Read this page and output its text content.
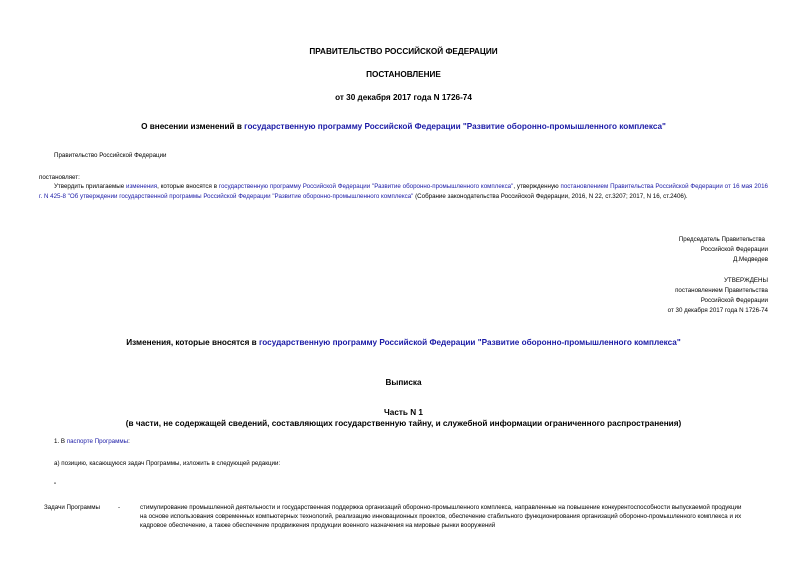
ПРАВИТЕЛЬСТВО РОССИЙСКОЙ ФЕДЕРАЦИИ
ПОСТАНОВЛЕНИЕ
от 30 декабря 2017 года N 1726-74
О внесении изменений в государственную программу Российской Федерации "Развитие оборонно-промышленного комплекса"
Правительство Российской Федерации
постановляет:
Утвердить прилагаемые изменения, которые вносятся в государственную программу Российской Федерации "Развитие оборонно-промышленного комплекса", утвержденную постановлением Правительства Российской Федерации от 16 мая 2016 г. N 425-8 "Об утверждении государственной программы Российской Федерации "Развитие оборонно-промышленного комплекса" (Собрание законодательства Российской Федерации, 2016, N 22, ст.3207; 2017, N 16, ст.2406).
Председатель Правительства
Российской Федерации
Д.Медведев
УТВЕРЖДЕНЫ
постановлением Правительства
Российской Федерации
от 30 декабря 2017 года N 1726-74
Изменения, которые вносятся в государственную программу Российской Федерации "Развитие оборонно-промышленного комплекса"
Выписка
Часть N 1
(в части, не содержащей сведений, составляющих государственную тайну, и служебной информации ограниченного распространения)
1. В паспорте Программы:
а) позицию, касающуюся задач Программы, изложить в следующей редакции:
"
Задачи Программы	-	стимулирование промышленной деятельности и государственная поддержка организаций оборонно-промышленного комплекса, направленные на повышение конкурентоспособности выпускаемой продукции на основе использования современных компьютерных технологий, реализацию инновационных проектов, обеспечение стабильного функционирования организаций оборонно-промышленного комплекса и их кадровое обеспечение, а также обеспечение продвижения продукции военного назначения на мировые рынки вооружений
